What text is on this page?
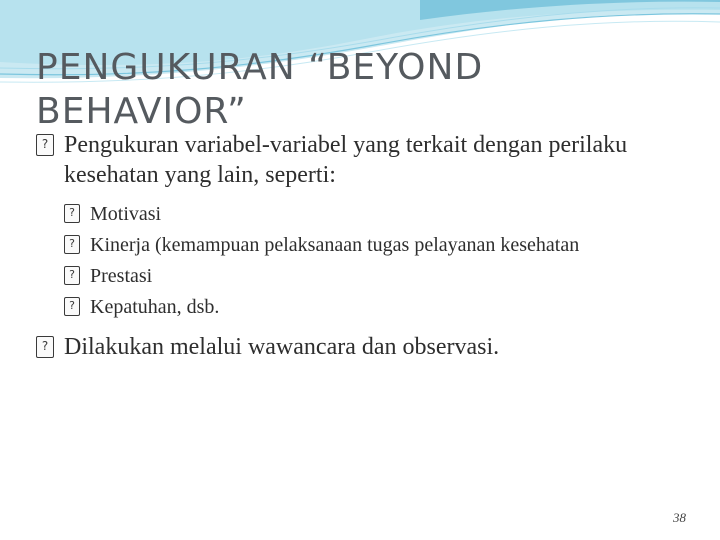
PENGUKURAN “BEYOND
BEHAVIOR”

?
Pengukuran variabel-variabel yang terkait dengan perilaku kesehatan yang lain, seperti:

?
Motivasi

?
Kinerja (kemampuan pelaksanaan tugas pelayanan kesehatan

?
Prestasi

?
Kepatuhan, dsb.

?
Dilakukan melalui wawancara dan observasi.

38
